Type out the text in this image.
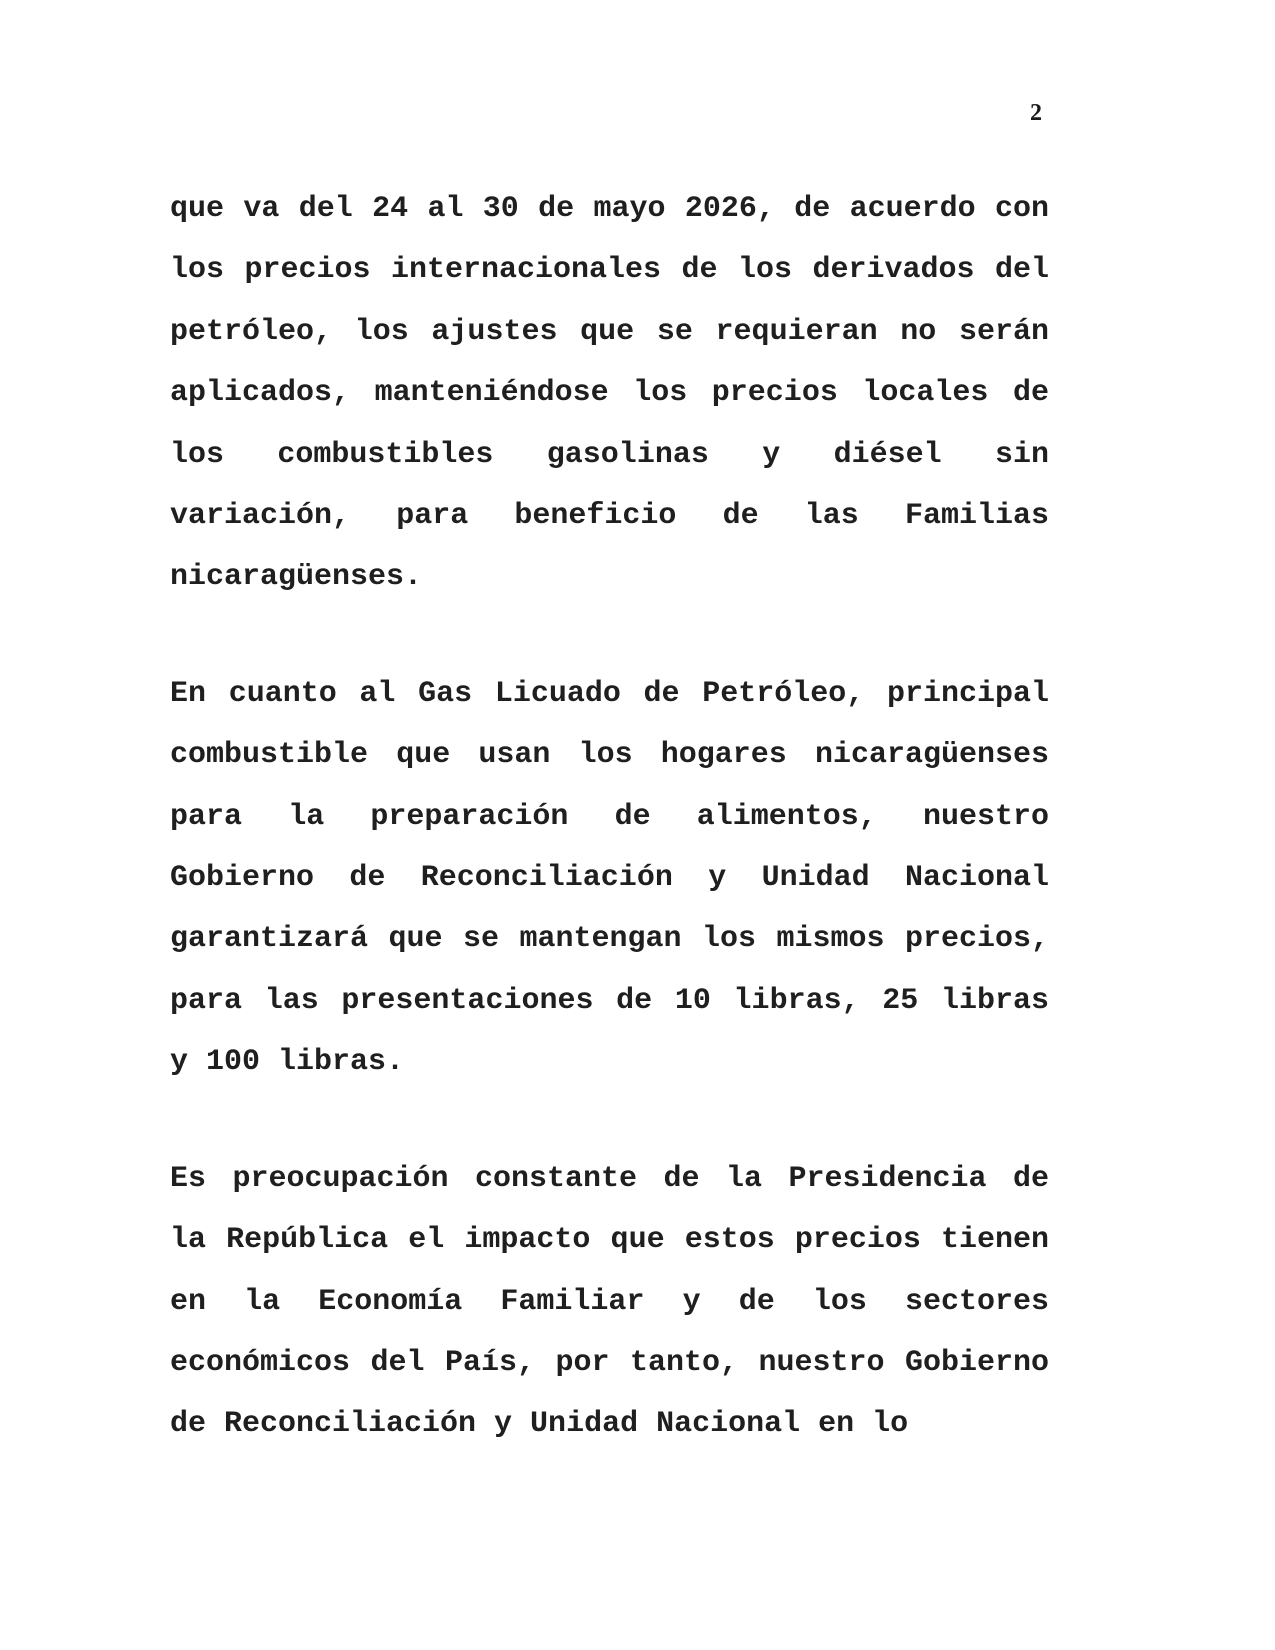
2

que va del 24 al 30 de mayo 2026, de acuerdo con los precios internacionales de los derivados del petróleo, los ajustes que se requieran no serán aplicados, manteniéndose los precios locales de los combustibles gasolinas y diésel sin variación, para beneficio de las Familias nicaragüenses.

En cuanto al Gas Licuado de Petróleo, principal combustible que usan los hogares nicaragüenses para la preparación de alimentos, nuestro Gobierno de Reconciliación y Unidad Nacional garantizará que se mantengan los mismos precios, para las presentaciones de 10 libras, 25 libras y 100 libras.

Es preocupación constante de la Presidencia de la República el impacto que estos precios tienen en la Economía Familiar y de los sectores económicos del País, por tanto, nuestro Gobierno de Reconciliación y Unidad Nacional en lo
